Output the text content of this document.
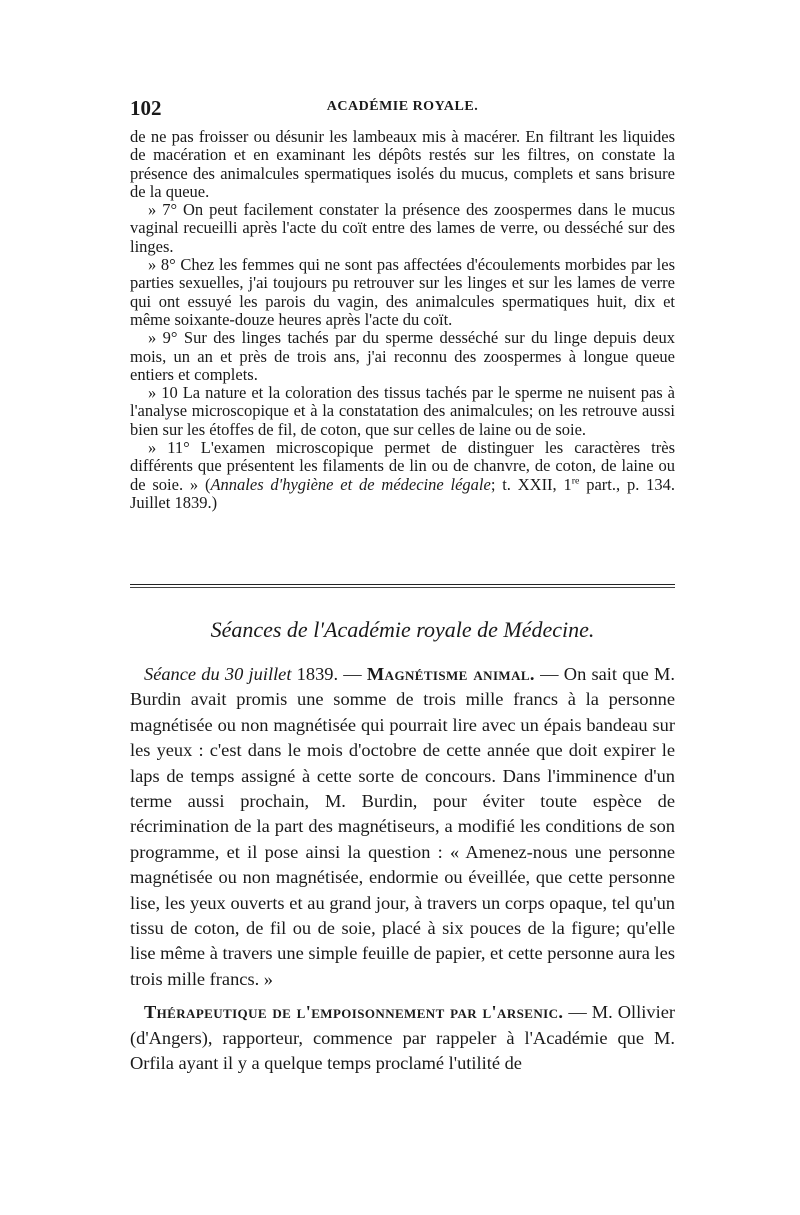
102	ACADÉMIE ROYALE.

de ne pas froisser ou désunir les lambeaux mis à macérer. En filtrant les liquides de macération et en examinant les dépôts restés sur les filtres, on constate la présence des animalcules spermatiques isolés du mucus, complets et sans brisure de la queue.

» 7° On peut facilement constater la présence des zoospermes dans le mucus vaginal recueilli après l'acte du coït entre des lames de verre, ou desséché sur des linges.

» 8° Chez les femmes qui ne sont pas affectées d'écoulements morbides par les parties sexuelles, j'ai toujours pu retrouver sur les linges et sur les lames de verre qui ont essuyé les parois du vagin, des animalcules spermatiques huit, dix et même soixante-douze heures après l'acte du coït.

» 9° Sur des linges tachés par du sperme desséché sur du linge depuis deux mois, un an et près de trois ans, j'ai reconnu des zoospermes à longue queue entiers et complets.

» 10 La nature et la coloration des tissus tachés par le sperme ne nuisent pas à l'analyse microscopique et à la constatation des animalcules; on les retrouve aussi bien sur les étoffes de fil, de coton, que sur celles de laine ou de soie.

» 11° L'examen microscopique permet de distinguer les caractères très différents que présentent les filaments de lin ou de chanvre, de coton, de laine ou de soie. » (Annales d'hygiène et de médecine légale; t. XXII, 1re part., p. 134. Juillet 1839.)

Séances de l'Académie royale de Médecine.

Séance du 30 juillet 1839. — Magnétisme animal. — On sait que M. Burdin avait promis une somme de trois mille francs à la personne magnétisée ou non magnétisée qui pourrait lire avec un épais bandeau sur les yeux : c'est dans le mois d'octobre de cette année que doit expirer le laps de temps assigné à cette sorte de concours. Dans l'imminence d'un terme aussi prochain, M. Burdin, pour éviter toute espèce de récrimination de la part des magnétiseurs, a modifié les conditions de son programme, et il pose ainsi la question : « Amenez-nous une personne magnétisée ou non magnétisée, endormie ou éveillée, que cette personne lise, les yeux ouverts et au grand jour, à travers un corps opaque, tel qu'un tissu de coton, de fil ou de soie, placé à six pouces de la figure; qu'elle lise même à travers une simple feuille de papier, et cette personne aura les trois mille francs. »

Thérapeutique de l'empoisonnement par l'arsenic. — M. Ollivier (d'Angers), rapporteur, commence par rappeler à l'Académie que M. Orfila ayant il y a quelque temps proclamé l'utilité de
